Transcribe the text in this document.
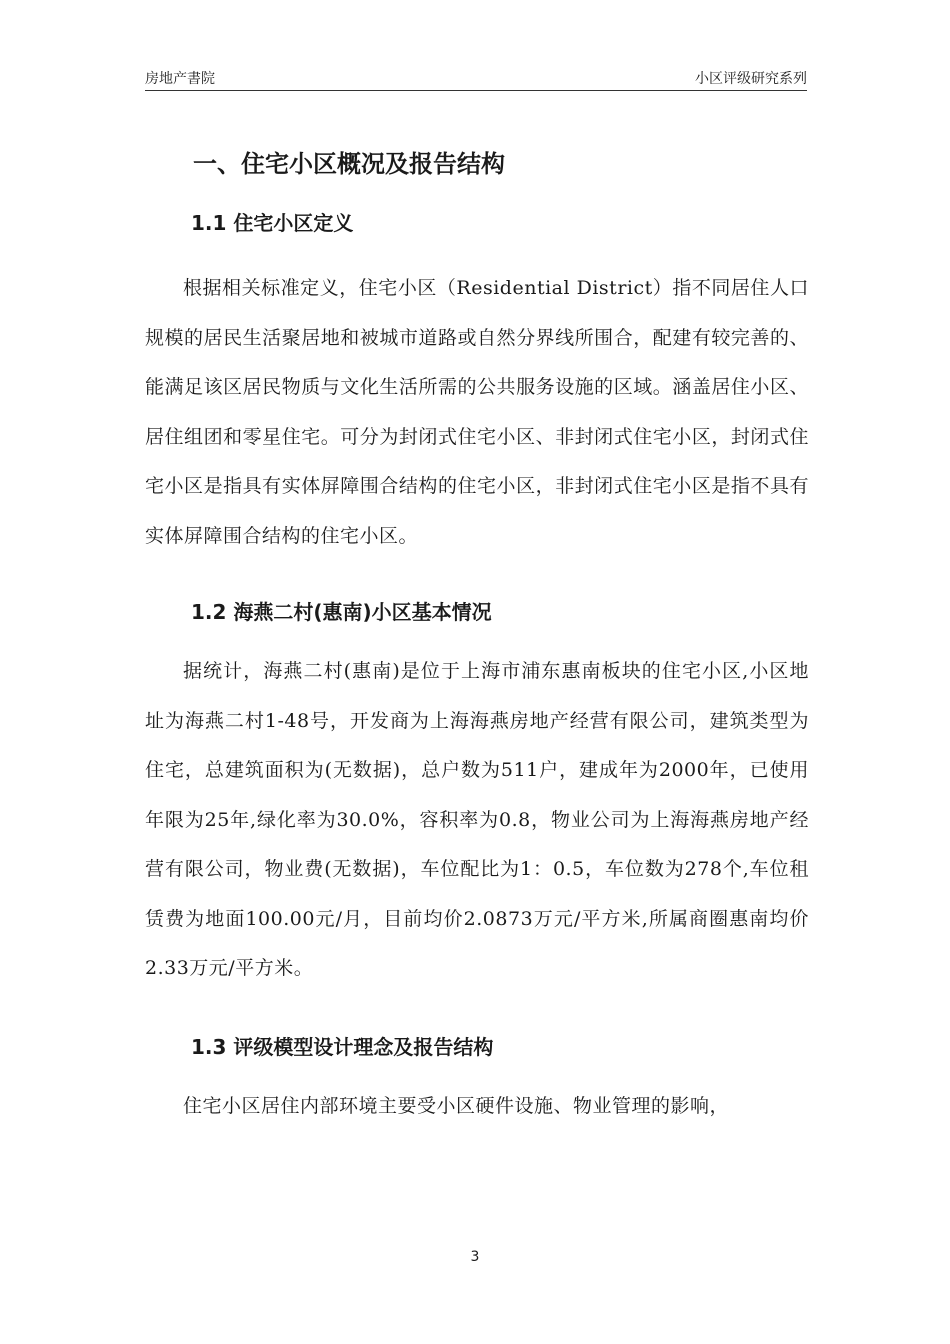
房地产書院	小区评级研究系列
一、住宅小区概况及报告结构
1.1 住宅小区定义

根据相关标准定义，住宅小区（Residential District）指不同居住人口规模的居民生活聚居地和被城市道路或自然分界线所围合，配建有较完善的、能满足该区居民物质与文化生活所需的公共服务设施的区域。涵盖居住小区、居住组团和零星住宅。可分为封闭式住宅小区、非封闭式住宅小区，封闭式住宅小区是指具有实体屏障围合结构的住宅小区，非封闭式住宅小区是指不具有实体屏障围合结构的住宅小区。

1.2 海燕二村(惠南)小区基本情况

据统计，海燕二村(惠南)是位于上海市浦东惠南板块的住宅小区,小区地址为海燕二村1-48号，开发商为上海海燕房地产经营有限公司，建筑类型为住宅，总建筑面积为(无数据)，总户数为511户，建成年为2000年，已使用年限为25年,绿化率为30.0%，容积率为0.8，物业公司为上海海燕房地产经营有限公司，物业费(无数据)，车位配比为1：0.5，车位数为278个,车位租赁费为地面100.00元/月，目前均价2.0873万元/平方米,所属商圈惠南均价2.33万元/平方米。

1.3 评级模型设计理念及报告结构

住宅小区居住内部环境主要受小区硬件设施、物业管理的影响，

3
